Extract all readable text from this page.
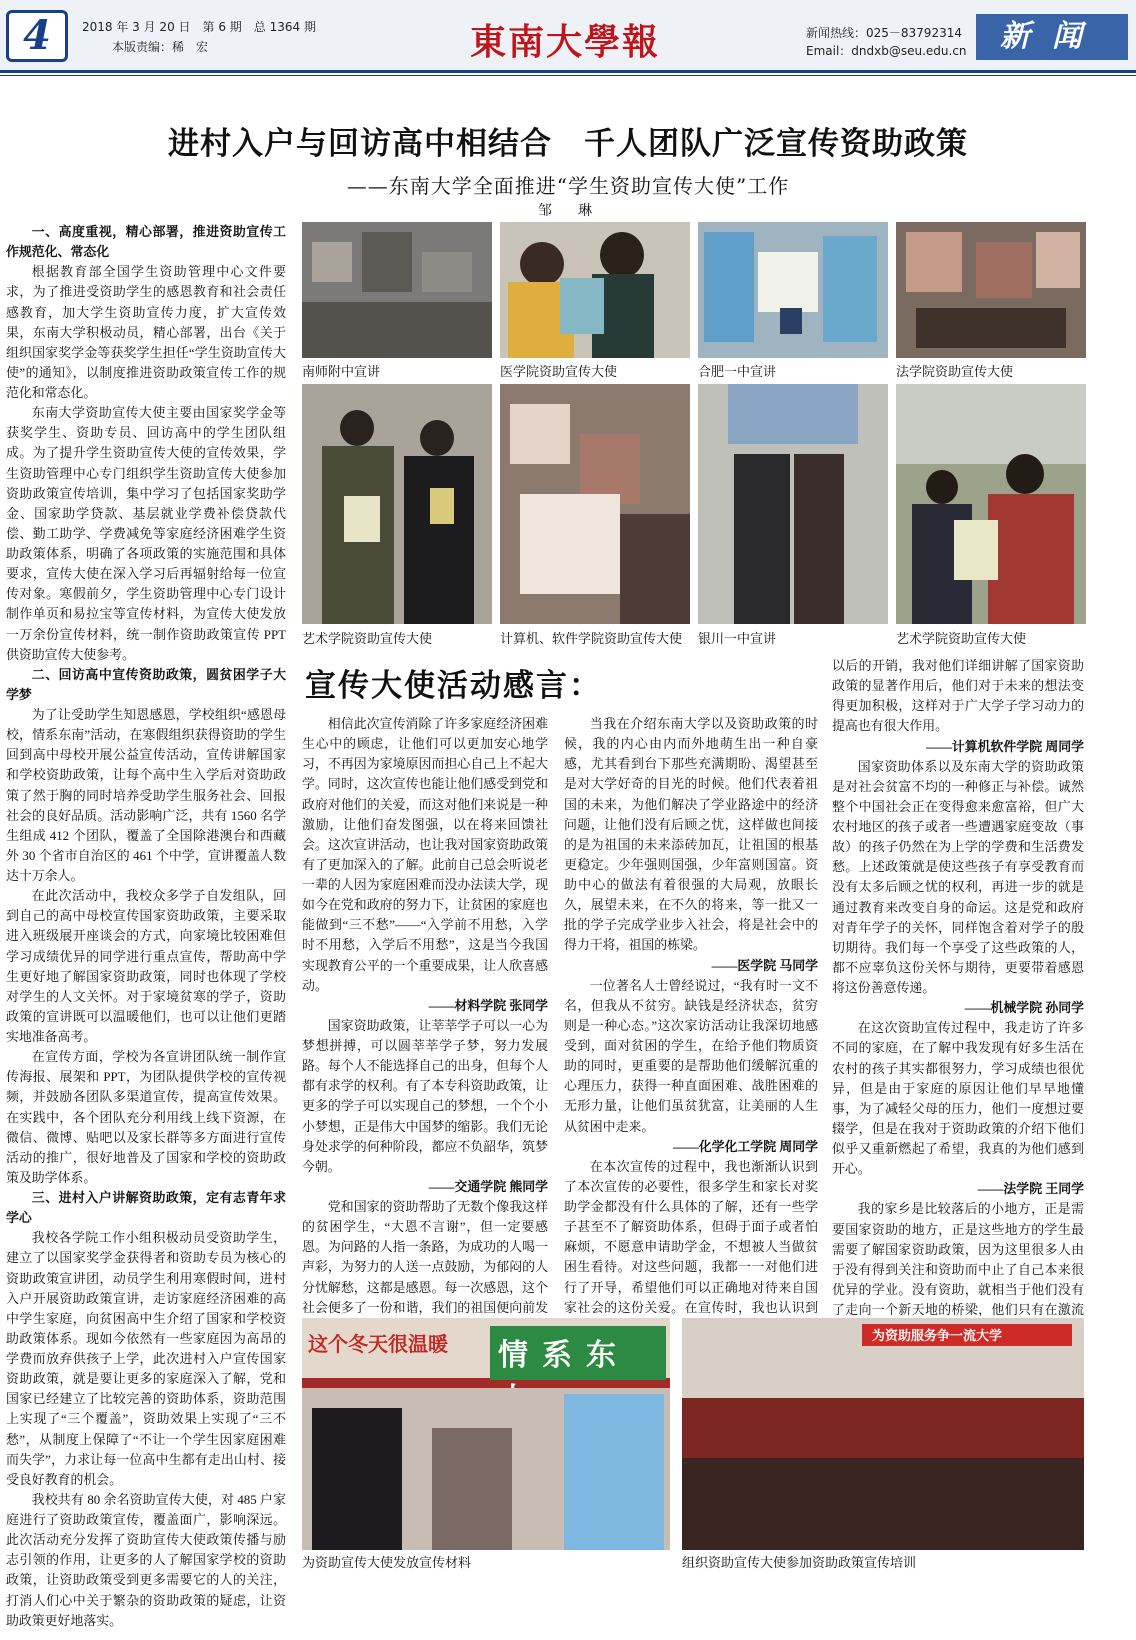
4	2018 年 3 月 20 日　第 6 期　总 1364 期
本版责编：稀　宏	東南大學報	新闻热线：025－83792314
Email：dndxb@seu.edu.cn	新闻
进村入户与回访高中相结合　千人团队广泛宣传资助政策
——东南大学全面推进“学生资助宣传大使”工作
邹　琳
一、高度重视，精心部署，推进资助宣传工作规范化、常态化

根据教育部全国学生资助管理中心文件要求，为了推进受资助学生的感恩教育和社会责任感教育，加大学生资助宣传力度，扩大宣传效果，东南大学积极动员，精心部署，出台《关于组织国家奖学金等获奖学生担任“学生资助宣传大使”的通知》，以制度推进资助政策宣传工作的规范化和常态化。

东南大学资助宣传大使主要由国家奖学金等获奖学生、资助专员、回访高中的学生团队组成。为了提升学生资助宣传大使的宣传效果，学生资助管理中心专门组织学生资助宣传大使参加资助政策宣传培训，集中学习了包括国家奖助学金、国家助学贷款、基层就业学费补偿贷款代偿、勤工助学、学费减免等家庭经济困难学生资助政策体系，明确了各项政策的实施范围和具体要求，宣传大使在深入学习后再辐射给每一位宣传对象。寒假前夕，学生资助管理中心专门设计制作单页和易拉宝等宣传材料，为宣传大使发放一万余份宣传材料，统一制作资助政策宣传 PPT 供资助宣传大使参考。

二、回访高中宣传资助政策，圆贫困学子大学梦

为了让受助学生知恩感恩，学校组织“感恩母校，情系东南”活动，在寒假组织获得资助的学生回到高中母校开展公益宣传活动，宣传讲解国家和学校资助政策，让每个高中生入学后对资助政策了然于胸的同时培养受助学生服务社会、回报社会的良好品质。活动影响广泛，共有 1560 名学生组成 412 个团队，覆盖了全国除港澳台和西藏外 30 个省市自治区的 461 个中学，宣讲覆盖人数达十万余人。

在此次活动中，我校众多学子自发组队，回到自己的高中母校宣传国家资助政策，主要采取进入班级展开座谈会的方式，向家境比较困难但学习成绩优异的同学进行重点宣传，帮助高中学生更好地了解国家资助政策，同时也体现了学校对学生的人文关怀。对于家境贫寒的学子，资助政策的宣讲既可以温暖他们，也可以让他们更踏实地准备高考。

在宣传方面，学校为各宣讲团队统一制作宣传海报、展架和 PPT，为团队提供学校的宣传视频，并鼓励各团队多渠道宣传，提高宣传效果。在实践中，各个团队充分利用线上线下资源，在微信、微博、贴吧以及家长群等多方面进行宣传活动的推广，很好地普及了国家和学校的资助政策及助学体系。

三、进村入户讲解资助政策，定有志青年求学心

我校各学院工作小组积极动员受资助学生，建立了以国家奖学金获得者和资助专员为核心的资助政策宣讲团，动员学生利用寒假时间，进村入户开展资助政策宣讲，走访家庭经济困难的高中学生家庭，向贫困高中生介绍了国家和学校资助政策体系。现如今依然有一些家庭因为高昂的学费而放弃供孩子上学，此次进村入户宣传国家资助政策，就是要让更多的家庭深入了解，党和国家已经建立了比较完善的资助体系，资助范围上实现了“三个覆盖”，资助效果上实现了“三不愁”，从制度上保障了“不让一个学生因家庭困难而失学”，力求让每一位高中生都有走出山村、接受良好教育的机会。

我校共有 80 余名资助宣传大使，对 485 户家庭进行了资助政策宣传，覆盖面广，影响深远。此次活动充分发挥了资助宣传大使政策传播与励志引领的作用，让更多的人了解国家学校的资助政策，让资助政策受到更多需要它的人的关注，打消人们心中关于繁杂的资助政策的疑虑，让资助政策更好地落实。

南师附中宣讲	医学院资助宣传大使	合肥一中宣讲	法学院资助宣传大使
艺术学院资助宣传大使	计算机、软件学院资助宣传大使 银川一中宣讲	艺术学院资助宣传大使
宣传大使活动感言：

相信此次宣传消除了许多家庭经济困难生心中的顾虑，让他们可以更加安心地学习，不再因为家境原因而担心自己上不起大学。同时，这次宣传也能让他们感受到党和政府对他们的关爱，而这对他们来说是一种激励，让他们奋发图强，以在将来回馈社会。这次宣讲活动，也让我对国家资助政策有了更加深入的了解。此前自己总会听说老一辈的人因为家庭困难而没办法读大学，现如今在党和政府的努力下，让贫困的家庭也能做到“三不愁”——“入学前不用愁，入学时不用愁，入学后不用愁”，这是当今我国实现教育公平的一个重要成果，让人欣喜感动。

——材料学院 张同学

国家资助政策，让莘莘学子可以一心为梦想拼搏，可以圆莘莘学子梦，努力发展路。每个人不能选择自己的出身，但每个人都有求学的权利。有了本专科资助政策，让更多的学子可以实现自己的梦想，一个个小小梦想，正是伟大中国梦的缩影。我们无论身处求学的何种阶段，都应不负韶华，筑梦今朝。

——交通学院 熊同学

党和国家的资助帮助了无数个像我这样的贫困学生，“大恩不言谢”，但一定要感恩。为问路的人指一条路，为成功的人喝一声彩，为努力的人送一点鼓励，为郁闷的人分忧解愁，这都是感恩。每一次感恩，这个社会便多了一份和谐，我们的祖国便向前发

当我在介绍东南大学以及资助政策的时候，我的内心由内而外地萌生出一种自豪感，尤其看到台下那些充满期盼、渴望甚至是对大学好奇的目光的时候。他们代表着祖国的未来，为他们解决了学业路途中的经济问题，让他们没有后顾之忧，这样做也间接的是为祖国的未来添砖加瓦，让祖国的根基更稳定。少年强则国强，少年富则国富。资助中心的做法有着很强的大局观，放眼长久，展望未来，在不久的将来，等一批又一批的学子完成学业步入社会，将是社会中的得力干将，祖国的栋梁。

——医学院 马同学

一位著名人士曾经说过，“我有时一文不名，但我从不贫穷。缺钱是经济状态，贫穷则是一种心态。”这次家访活动让我深切地感受到，面对贫困的学生，在给予他们物质资助的同时，更重要的是帮助他们缓解沉重的心理压力，获得一种直面困难、战胜困难的无形力量，让他们虽贫犹富，让美丽的人生从贫困中走来。

——化学化工学院 周同学

在本次宣传的过程中，我也渐渐认识到了本次宣传的必要性，很多学生和家长对奖助学金都没有什么具体的了解，还有一些学子甚至不了解资助体系，但碍于面子或者怕麻烦，不愿意申请助学金，不想被人当做贫困生看待。对这些问题，我都一一对他们进行了开导，希望他们可以正确地对待来自国家社会的这份关爱。在宣传时，我也认识到

以后的开销，我对他们详细讲解了国家资助政策的显著作用后，他们对于未来的想法变得更加积极，这样对于广大学子学习动力的提高也有很大作用。

——计算机软件学院 周同学

国家资助体系以及东南大学的资助政策是对社会贫富不均的一种修正与补偿。诚然整个中国社会正在变得愈来愈富裕，但广大农村地区的孩子或者一些遭遇家庭变故（事故）的孩子仍然在为上学的学费和生活费发愁。上述政策就是使这些孩子有享受教育而没有太多后顾之忧的权利，再进一步的就是通过教育来改变自身的命运。这是党和政府对青年学子的关怀，同样饱含着对学子的殷切期待。我们每一个享受了这些政策的人，都不应辜负这份关怀与期待，更要带着感恩将这份善意传递。

——机械学院 孙同学

在这次资助宣传过程中，我走访了许多不同的家庭，在了解中我发现有好多生活在农村的孩子其实都很努力，学习成绩也很优异，但是由于家庭的原因让他们早早地懂事，为了减轻父母的压力，他们一度想过要辍学，但是在我对于资助政策的介绍下他们似乎又重新燃起了希望，我真的为他们感到开心。

——法学院 王同学

我的家乡是比较落后的小地方，正是需要国家资助的地方，正是这些地方的学生最需要了解国家资助政策，因为这里很多人由于没有得到关注和资助而中止了自己本来很优异的学业。没有资助，就相当于他们没有了走向一个新天地的桥梁，他们只有在激流

这个冬天很温暖 情系东
为资助服务争一流大学
为资助宣传大使发放宣传材料	组织资助宣传大使参加资助政策宣传培训
